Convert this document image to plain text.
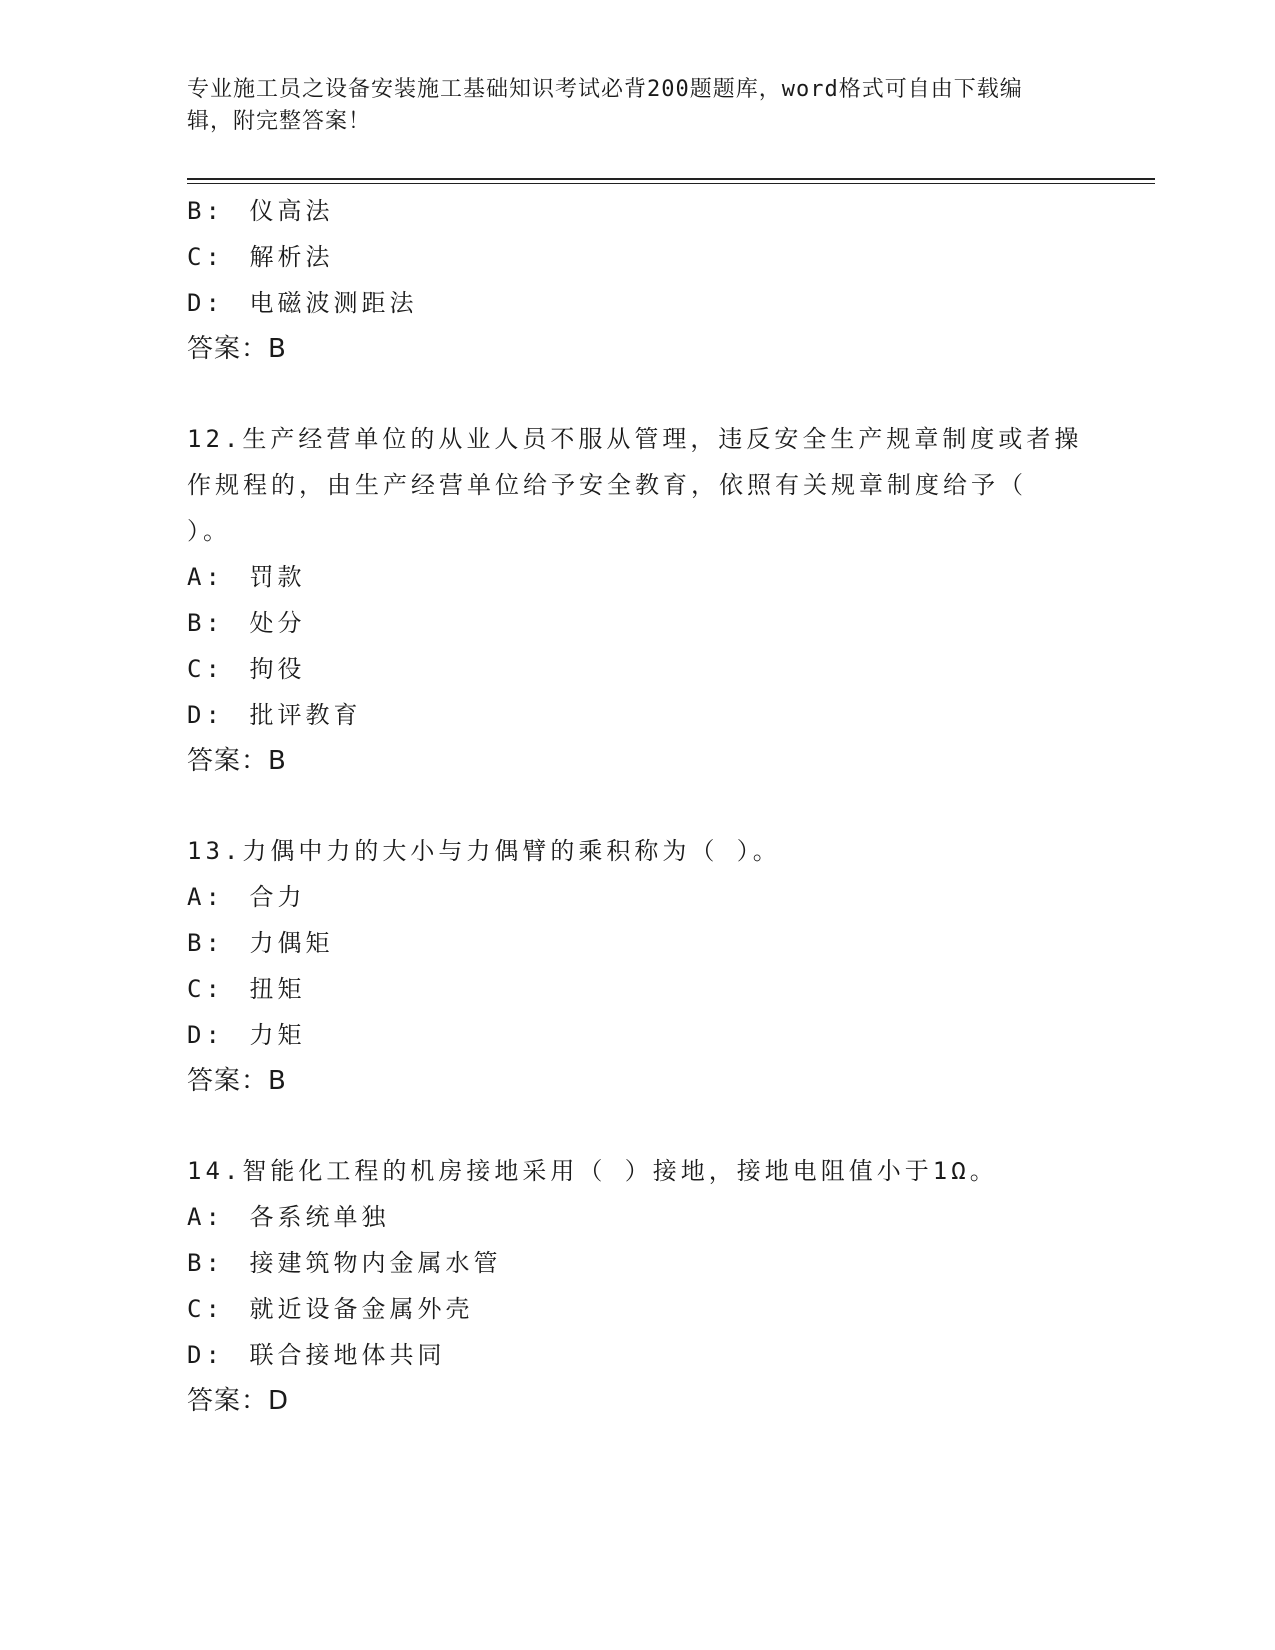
专业施工员之设备安装施工基础知识考试必背200题题库，word格式可自由下载编辑，附完整答案！
B: 仪高法
C: 解析法
D: 电磁波测距法
答案：B

12.生产经营单位的从业人员不服从管理，违反安全生产规章制度或者操作规程的，由生产经营单位给予安全教育，依照有关规章制度给予（ ）。

A: 罚款
B: 处分
C: 拘役
D: 批评教育
答案：B

13.力偶中力的大小与力偶臂的乘积称为（ ）。

A: 合力
B: 力偶矩
C: 扭矩
D: 力矩
答案：B

14.智能化工程的机房接地采用（ ）接地，接地电阻值小于1Ω。

A: 各系统单独
B: 接建筑物内金属水管
C: 就近设备金属外壳
D: 联合接地体共同
答案：D
